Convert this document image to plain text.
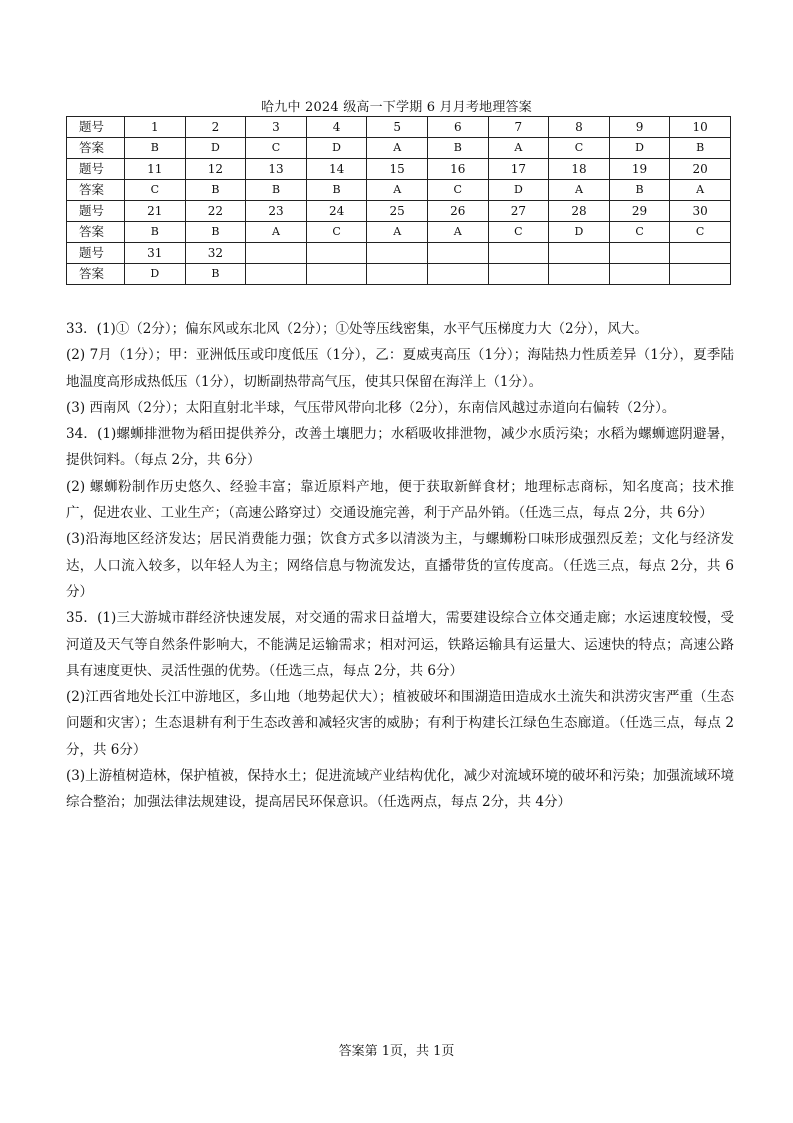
哈九中 2024 级高一下学期 6 月月考地理答案
题号	1	2	3	4	5	6	7	8	9	10
答案	B	D	C	D	A	B	A	C	D	B
题号	11	12	13	14	15	16	17	18	19	20
答案	C	B	B	B	A	C	D	A	B	A
题号	21	22	23	24	25	26	27	28	29	30
答案	B	B	A	C	A	A	C	D	C	C
题号	31	32								
答案	D	B								

33．(1)①（2分）；偏东风或东北风（2分）；①处等压线密集，水平气压梯度力大（2分），风大。

(2) 7月（1分）；甲：亚洲低压或印度低压（1分），乙：夏威夷高压（1分）；海陆热力性质差异（1分），夏季陆地温度高形成热低压（1分），切断副热带高气压，使其只保留在海洋上（1分）。

(3) 西南风（2分）；太阳直射北半球，气压带风带向北移（2分），东南信风越过赤道向右偏转（2分）。

34．(1)螺蛳排泄物为稻田提供养分，改善土壤肥力；水稻吸收排泄物，减少水质污染；水稻为螺蛳遮阴避暑，提供饲料。（每点 2分，共 6分）

(2) 螺蛳粉制作历史悠久、经验丰富；靠近原料产地，便于获取新鲜食材；地理标志商标，知名度高；技术推广，促进农业、工业生产；（高速公路穿过）交通设施完善，利于产品外销。（任选三点，每点 2分，共 6分）

(3)沿海地区经济发达；居民消费能力强；饮食方式多以清淡为主，与螺蛳粉口味形成强烈反差；文化与经济发达，人口流入较多，以年轻人为主；网络信息与物流发达，直播带货的宣传度高。（任选三点，每点 2分，共 6分）

35．(1)三大游城市群经济快速发展，对交通的需求日益增大，需要建设综合立体交通走廊；水运速度较慢，受河道及天气等自然条件影响大，不能满足运输需求；相对河运，铁路运输具有运量大、运速快的特点；高速公路具有速度更快、灵活性强的优势。（任选三点，每点 2分，共 6分）

(2)江西省地处长江中游地区，多山地（地势起伏大）；植被破坏和围湖造田造成水土流失和洪涝灾害严重（生态问题和灾害）；生态退耕有利于生态改善和减轻灾害的威胁；有利于构建长江绿色生态廊道。（任选三点，每点 2分，共 6分）

(3)上游植树造林，保护植被，保持水土；促进流域产业结构优化，减少对流域环境的破坏和污染；加强流域环境综合整治；加强法律法规建设，提高居民环保意识。（任选两点，每点 2分，共 4分）

答案第 1页，共 1页
